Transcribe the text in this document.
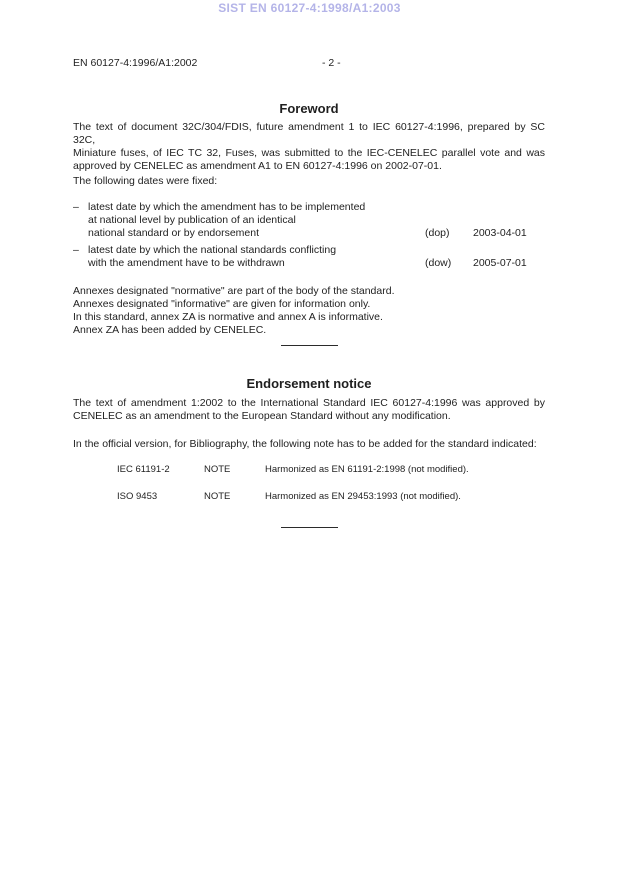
SIST EN 60127-4:1998/A1:2003
EN 60127-4:1996/A1:2002	- 2 -
Foreword
The text of document 32C/304/FDIS, future amendment 1 to IEC 60127-4:1996, prepared by SC 32C,
Miniature fuses, of IEC TC 32, Fuses, was submitted to the IEC-CENELEC parallel vote and was
approved by CENELEC as amendment A1 to EN 60127-4:1996 on 2002-07-01.
The following dates were fixed:
– latest date by which the amendment has to be implemented
at national level by publication of an identical
national standard or by endorsement	(dop)	2003-04-01
– latest date by which the national standards conflicting
with the amendment have to be withdrawn	(dow)	2005-07-01
Annexes designated "normative" are part of the body of the standard.
Annexes designated "informative" are given for information only.
In this standard, annex ZA is normative and annex A is informative.
Annex ZA has been added by CENELEC.
Endorsement notice
The text of amendment 1:2002 to the International Standard IEC 60127-4:1996 was approved by
CENELEC as an amendment to the European Standard without any modification.
In the official version, for Bibliography, the following note has to be added for the standard indicated:
IEC 61191-2	NOTE	Harmonized as EN 61191-2:1998 (not modified).
ISO 9453	NOTE	Harmonized as EN 29453:1993 (not modified).
